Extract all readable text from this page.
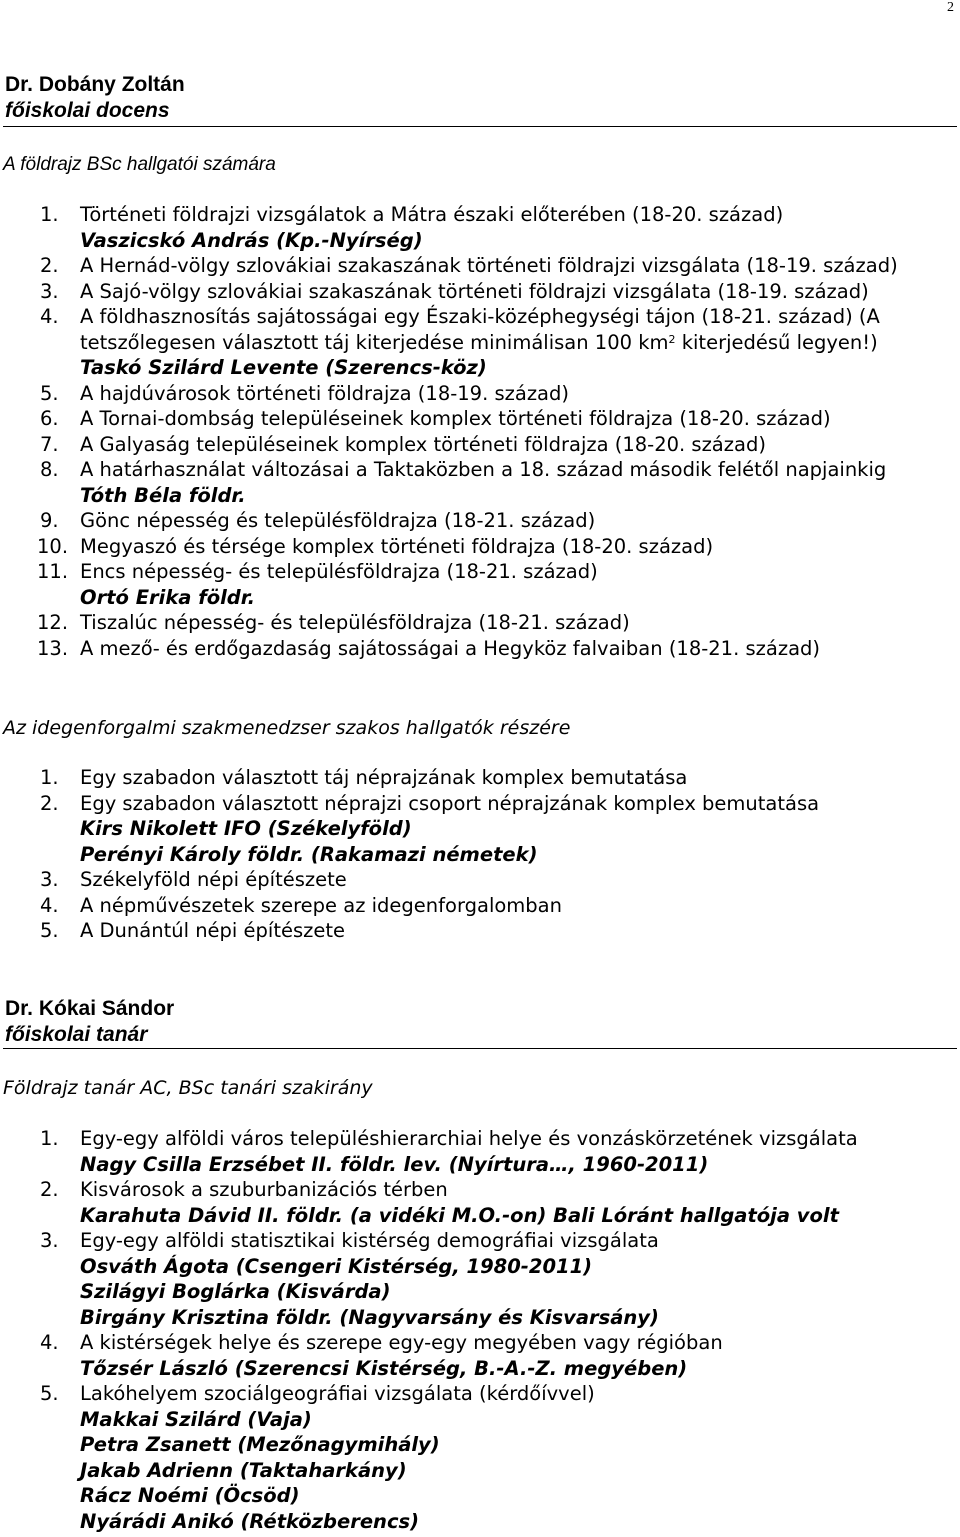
2
Dr. Dobány Zoltán
főiskolai docens
A földrajz BSc hallgatói számára
1.	Történeti földrajzi vizsgálatok a Mátra északi előterében (18-20. század)
Vaszicskó András (Kp.-Nyírség)
2.	A Hernád-völgy szlovákiai szakaszának történeti földrajzi vizsgálata (18-19. század)
3.	A Sajó-völgy szlovákiai szakaszának történeti földrajzi vizsgálata (18-19. század)
4.	A földhasznosítás sajátosságai egy Északi-középhegységi tájon (18-21. század) (A tetszőlegesen választott táj kiterjedése minimálisan 100 $km^2$ kiterjedésű legyen!)
Taskó Szilárd Levente (Szerencs-köz)
5.	A hajdúvárosok történeti földrajza (18-19. század)
6.	A Tornai-dombság településeinek komplex történeti földrajza (18-20. század)
7.	A Galyaság településeinek komplex történeti földrajza (18-20. század)
8.	A határhasználat változásai a Taktaközben a 18. század második felétől napjainkig
Tóth Béla földr.
9.	Gönc népesség és településföldrajza (18-21. század)
10. Megyaszó és térsége komplex történeti földrajza (18-20. század)
11. Encs népesség- és településföldrajza (18-21. század)
Ortó Erika földr.
12. Tiszalúc népesség- és településföldrajza (18-21. század)
13. A mező- és erdőgazdaság sajátosságai a Hegyköz falvaiban (18-21. század)
Az idegenforgalmi szakmenedzser szakos hallgatók részére
1.	Egy szabadon választott táj néprajzának komplex bemutatása
2.	Egy szabadon választott néprajzi csoport néprajzának komplex bemutatása
Kirs Nikolett IFO (Székelyföld)
Perényi Károly földr. (Rakamazi németek)
3.	Székelyföld népi építészete
4.	A népművészetek szerepe az idegenforgalomban
5.	A Dunántúl népi építészete
Dr. Kókai Sándor
főiskolai tanár
Földrajz tanár AC, BSc tanári szakirány
1.	Egy-egy alföldi város településhierarchiai helye és vonzáskörzetének vizsgálata
Nagy Csilla Erzsébet II. földr. lev. (Nyírtura…, 1960-2011)
2.	Kisvárosok a szuburbanizációs térben
Karahuta Dávid II. földr. (a vidéki M.O.-on) Bali Lóránt hallgatója volt
3.	Egy-egy alföldi statisztikai kistérség demográfiai vizsgálata
Osváth Ágota (Csengeri Kistérség, 1980-2011)
Szilágyi Boglárka (Kisvárda)
Birgány Krisztina földr. (Nagyvarsány és Kisvarsány)
4.	A kistérségek helye és szerepe egy-egy megyében vagy régióban
Tőzsér László (Szerencsi Kistérség, B.-A.-Z. megyében)
5.	Lakóhelyem szociálgeográfiai vizsgálata (kérdőívvel)
Makkai Szilárd (Vaja)
Petra Zsanett (Mezőnagymihály)
Jakab Adrienn (Taktaharkány)
Rácz Noémi (Öcsöd)
Nyárádi Anikó (Rétközberencs)
